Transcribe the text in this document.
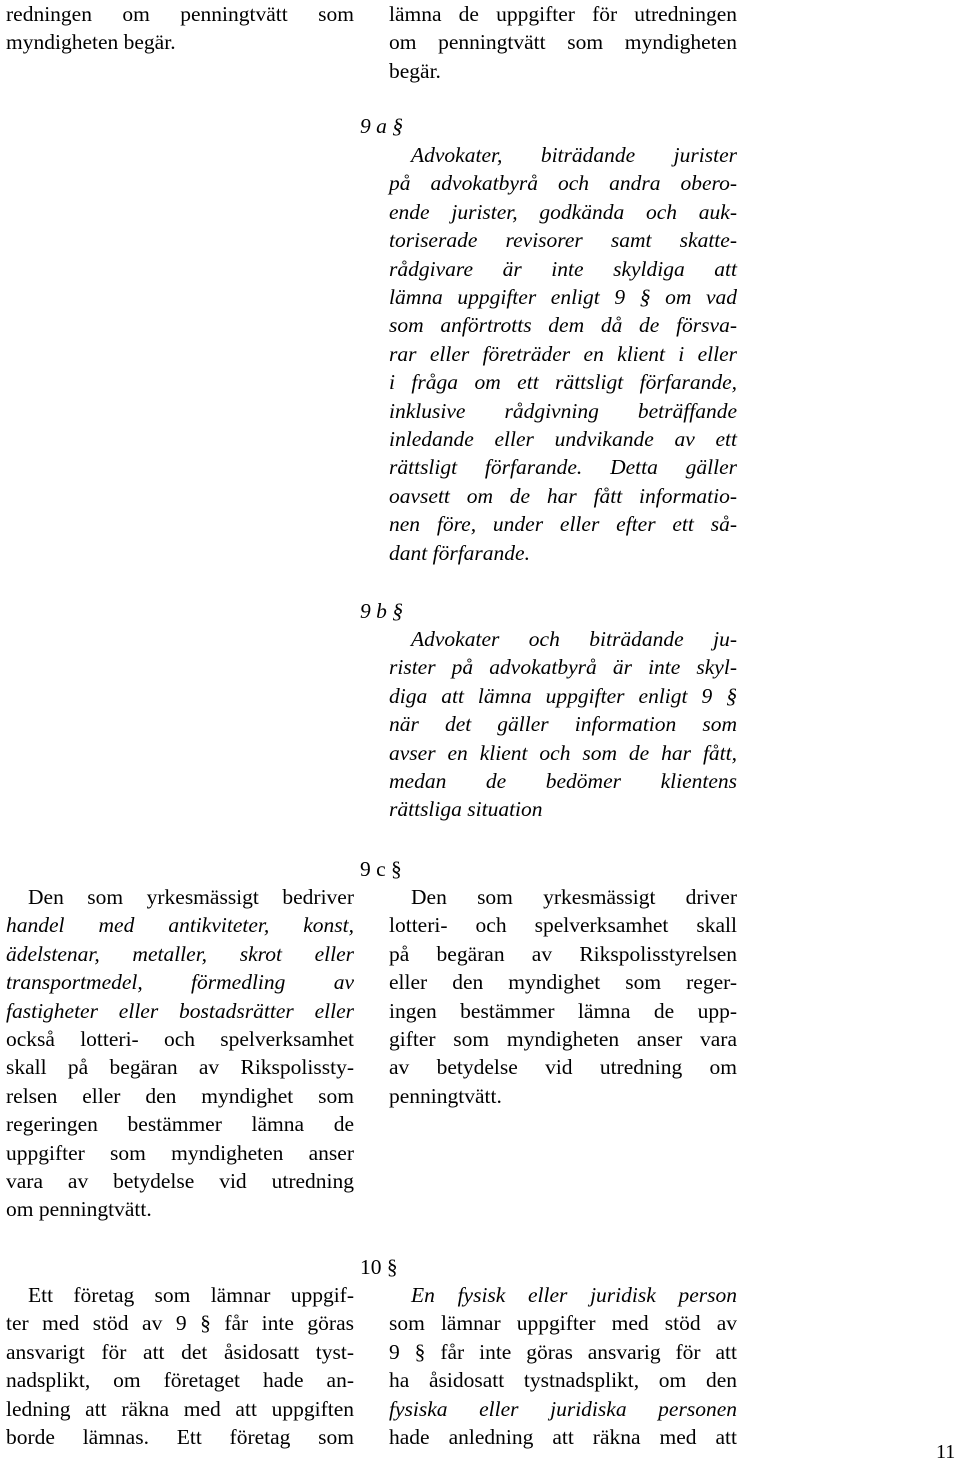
redningen om penningtvätt som
myndigheten begär.
lämna de uppgifter för utredningen
om penningtvätt som myndigheten
begär.
9 a §
Advokater, biträdande jurister
på advokatbyrå och andra obero-
ende jurister, godkända och auk-
toriserade revisorer samt skatte-
rådgivare är inte skyldiga att
lämna uppgifter enligt 9 § om vad
som anförtrotts dem då de försva-
rar eller företräder en klient i eller
i fråga om ett rättsligt förfarande,
inklusive rådgivning beträffande
inledande eller undvikande av ett
rättsligt förfarande. Detta gäller
oavsett om de har fått informatio-
nen före, under eller efter ett så-
dant förfarande.
9 b §
Advokater och biträdande ju-
rister på advokatbyrå är inte skyl-
diga att lämna uppgifter enligt 9 §
när det gäller information som
avser en klient och som de har fått,
medan de bedömer klientens
rättsliga situation
9 c §
Den som yrkesmässigt bedriver
handel med antikviteter, konst,
ädelstenar, metaller, skrot eller
transportmedel, förmedling av
fastigheter eller bostadsrätter eller
också lotteri- och spelverksamhet
skall på begäran av Rikspolissty-
relsen eller den myndighet som
regeringen bestämmer lämna de
uppgifter som myndigheten anser
vara av betydelse vid utredning
om penningtvätt.
Den som yrkesmässigt driver
lotteri- och spelverksamhet skall
på begäran av Rikspolisstyrelsen
eller den myndighet som reger-
ingen bestämmer lämna de upp-
gifter som myndigheten anser vara
av betydelse vid utredning om
penningtvätt.
10 §
Ett företag som lämnar uppgif-
ter med stöd av 9 § får inte göras
ansvarigt för att det åsidosatt tyst-
nadsplikt, om företaget hade an-
ledning att räkna med att uppgiften
borde lämnas. Ett företag som
En fysisk eller juridisk person
som lämnar uppgifter med stöd av
9 § får inte göras ansvarig för att
ha åsidosatt tystnadsplikt, om den
fysiska eller juridiska personen
hade anledning att räkna med att
11
